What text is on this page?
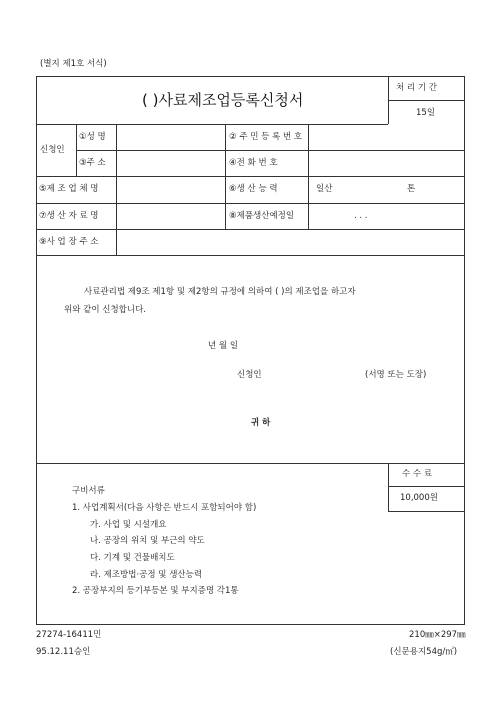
(별지 제1호 서식)
( )사료제조업등록신청서
처 리 기 간
15일
신청인
①성 명	② 주 민 등 록 번 호
③주 소	④전 화 번 호
⑤제 조 업 체 명	⑥생 산 능 력	일산	톤
⑦생 산 자 료 명	⑧제품생산예정일	. . .
⑨사 업 장 주 소
사료관리법 제9조 제1항 및 제2항의 규정에 의하여 ( )의 제조업을 하고자
위와 같이 신청합니다.
년 월 일
신청인	(서명 또는 도장)
귀 하
수 수 료
10,000원
구비서류
1. 사업계획서(다음 사항은 반드시 포함되어야 함)
가. 사업 및 시설개요
나. 공장의 위치 및 부근의 약도
다. 기계 및 건물배치도
라. 제조방법·공정 및 생산능력
2. 공장부지의 등기부등본 및 부지증명 각1통
27274-16411민
95.12.11승인
210㎜×297㎜
(신문용지54g/㎡)
